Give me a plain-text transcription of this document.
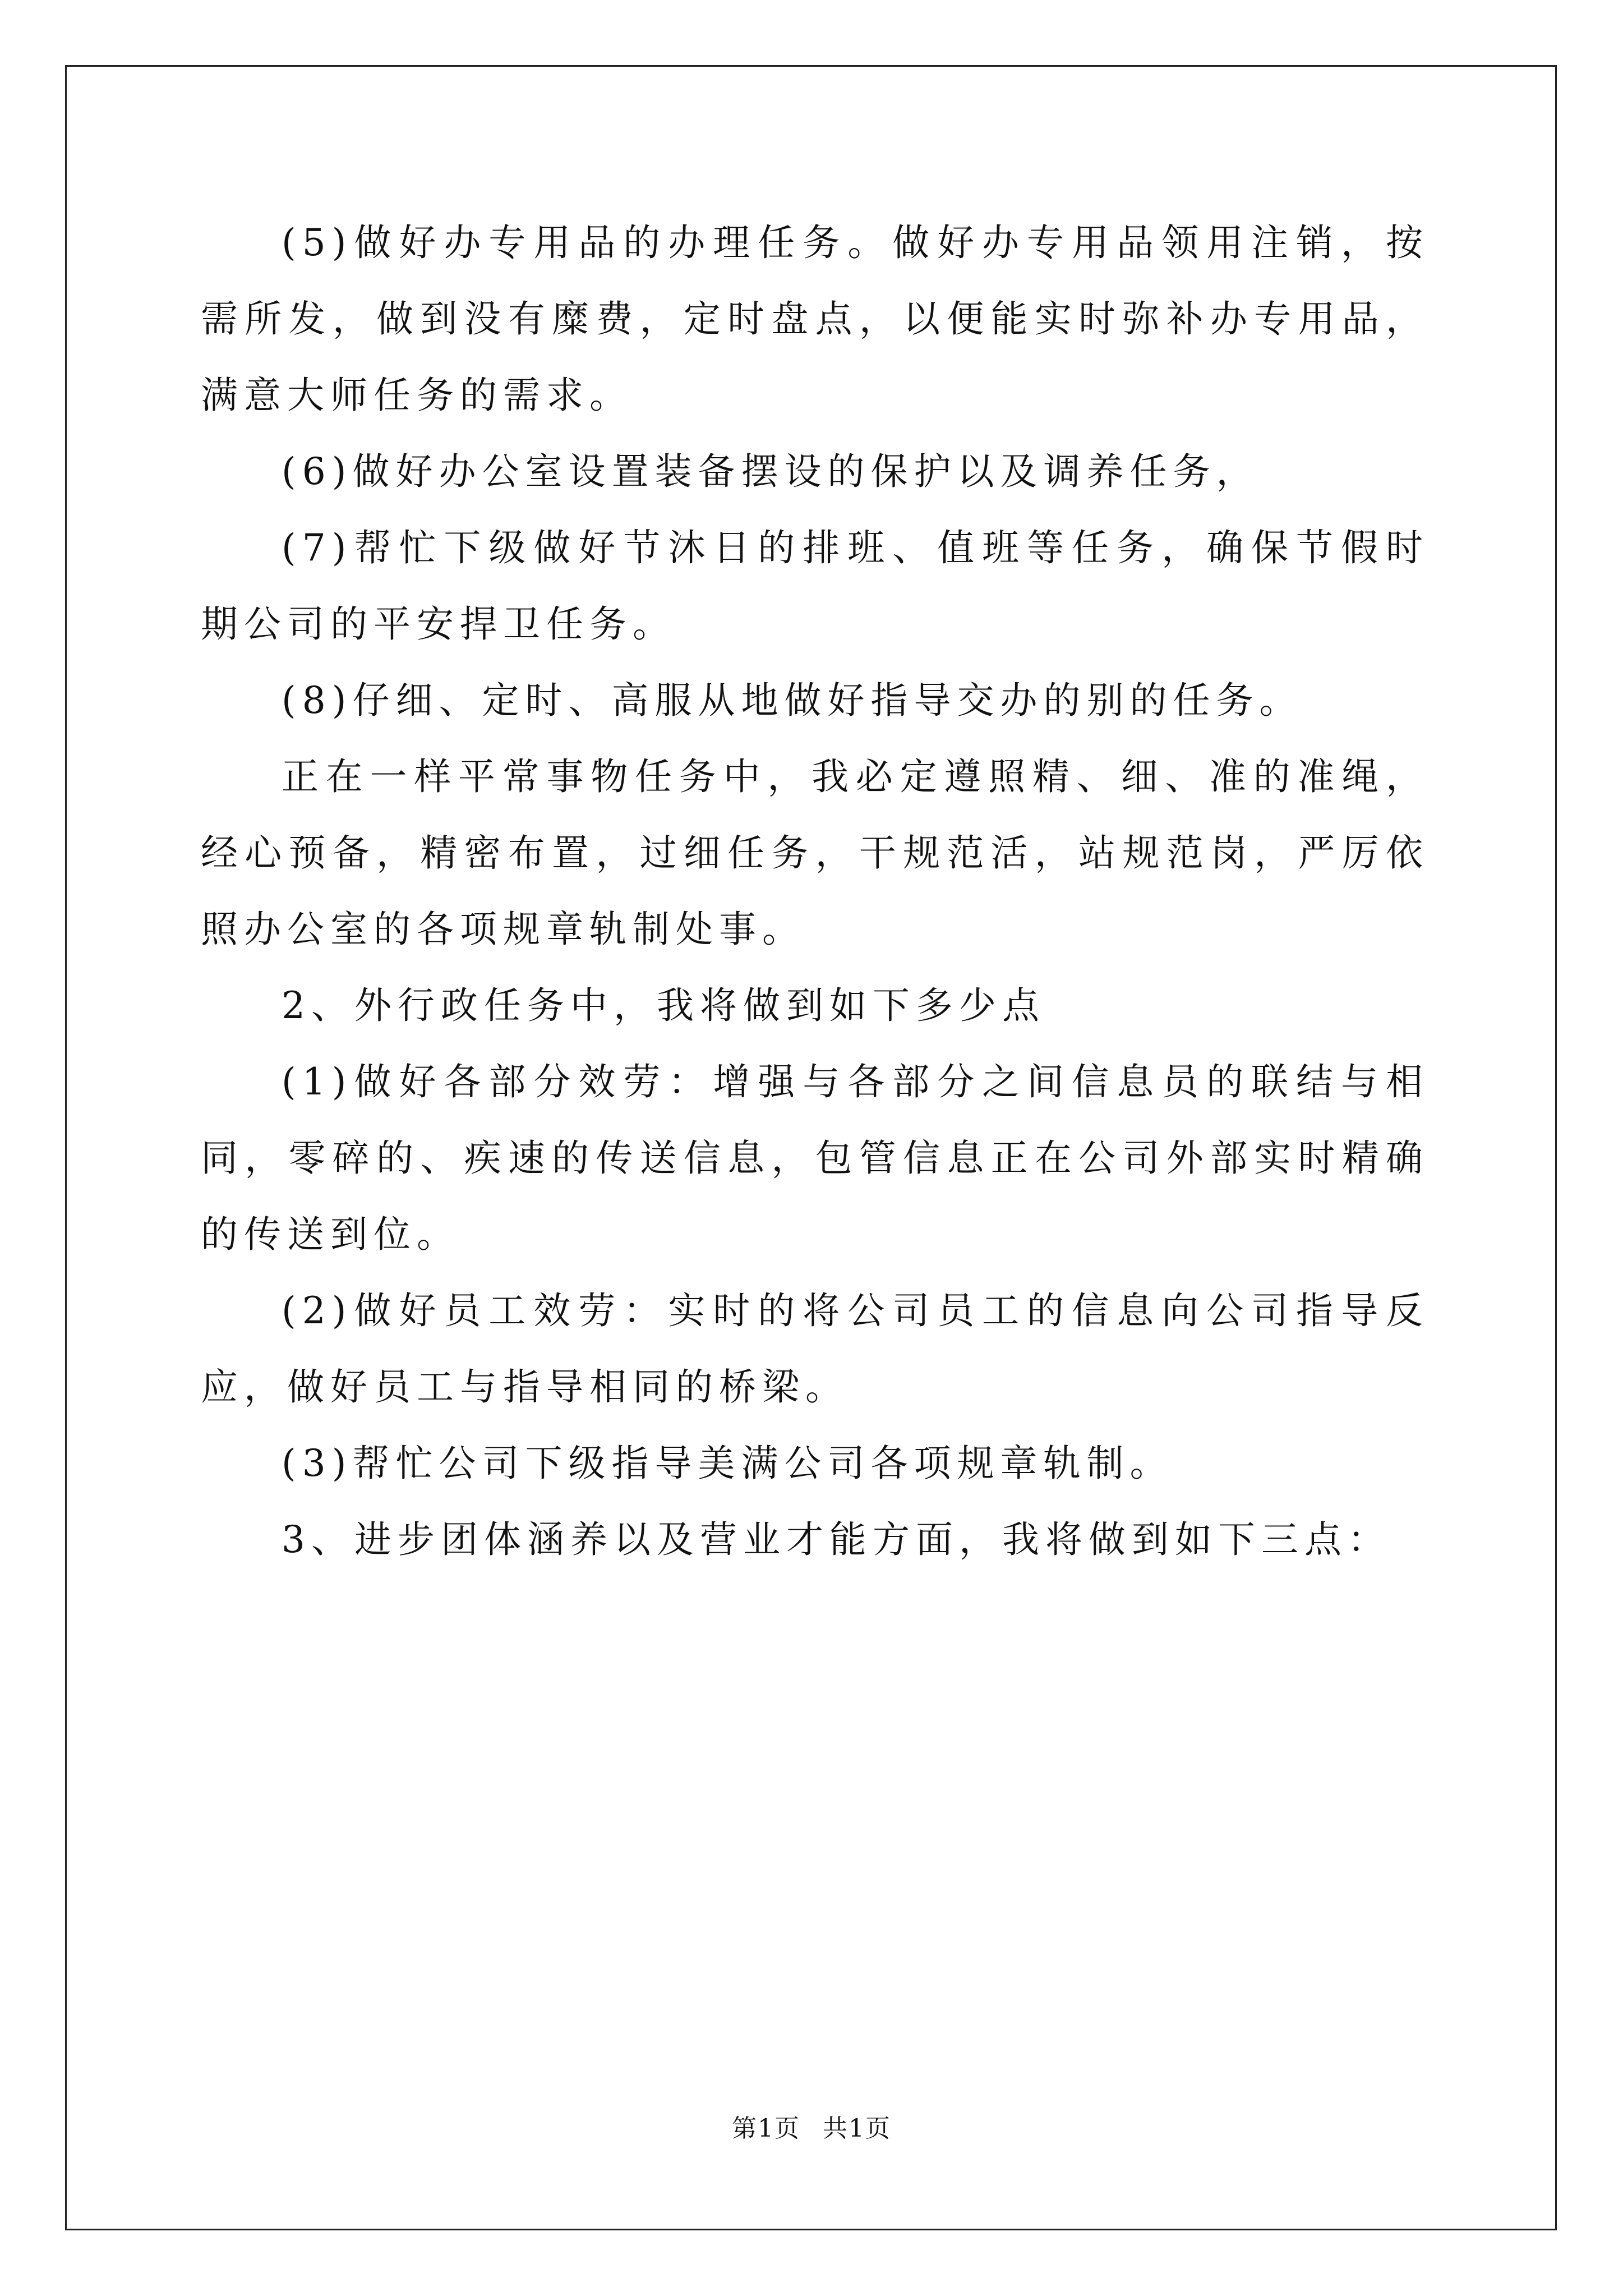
(5)做好办专用品的办理任务。做好办专用品领用注销，按需所发，做到没有糜费，定时盘点，以便能实时弥补办专用品，满意大师任务的需求。

(6)做好办公室设置装备摆设的保护以及调养任务，

(7)帮忙下级做好节沐日的排班、值班等任务，确保节假时期公司的平安捍卫任务。

(8)仔细、定时、高服从地做好指导交办的别的任务。

正在一样平常事物任务中，我必定遵照精、细、准的准绳，经心预备，精密布置，过细任务，干规范活，站规范岗，严厉依照办公室的各项规章轨制处事。

2、外行政任务中，我将做到如下多少点

(1)做好各部分效劳：增强与各部分之间信息员的联结与相同，零碎的、疾速的传送信息，包管信息正在公司外部实时精确的传送到位。

(2)做好员工效劳：实时的将公司员工的信息向公司指导反应，做好员工与指导相同的桥梁。

(3)帮忙公司下级指导美满公司各项规章轨制。

3、进步团体涵养以及营业才能方面，我将做到如下三点：

第1页 共1页
